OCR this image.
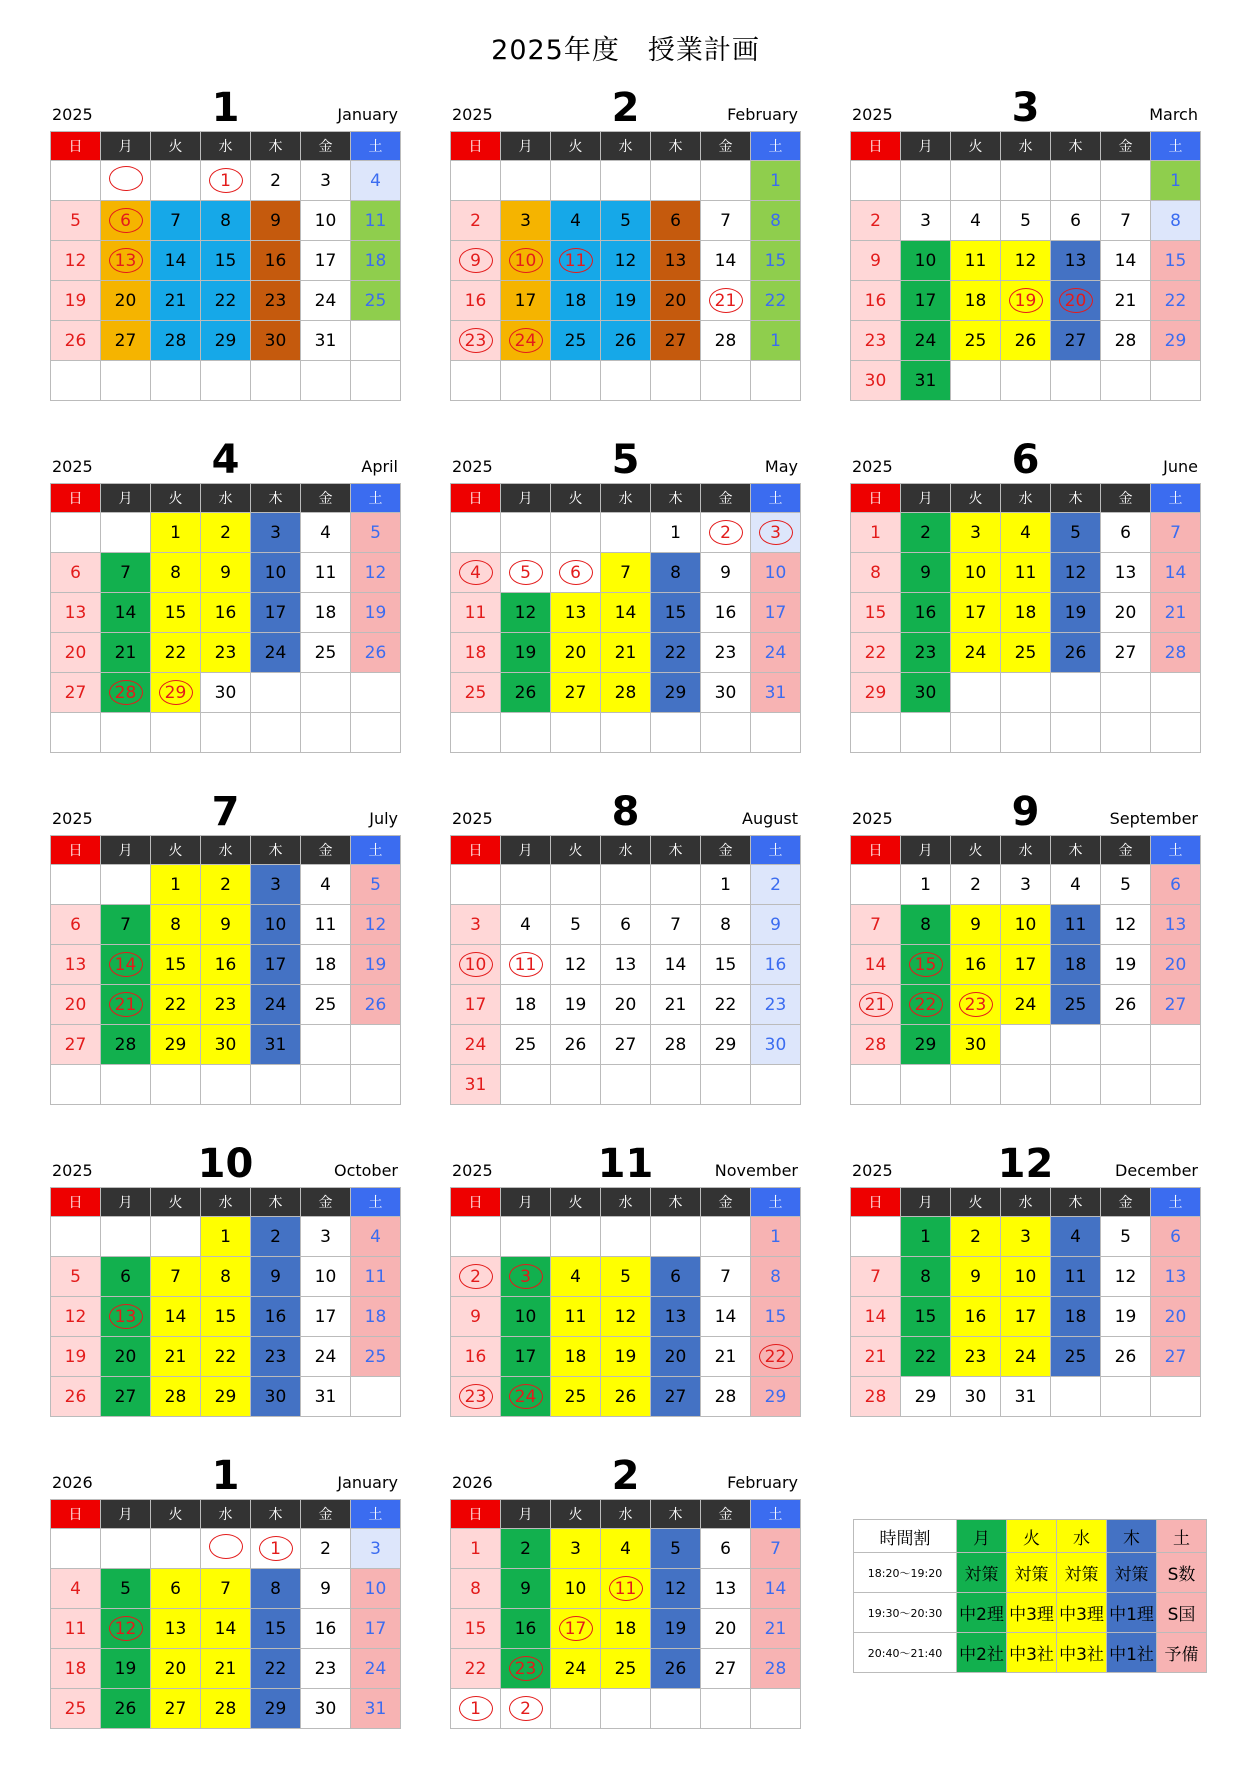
2025年度　授業計画
2025	1	January
日	月	火	水	木	金	土
			1	2	3	4
5	6	7	8	9	10	11
12	13	14	15	16	17	18
19	20	21	22	23	24	25
26	27	28	29	30	31	

2025	2	February
日	月	火	水	木	金	土
						1
2	3	4	5	6	7	8
9	10	11	12	13	14	15
16	17	18	19	20	21	22
23	24	25	26	27	28	1

2025	3	March
日	月	火	水	木	金	土
						1
2	3	4	5	6	7	8
9	10	11	12	13	14	15
16	17	18	19	20	21	22
23	24	25	26	27	28	29
30	31					
2025	4	April
日	月	火	水	木	金	土
		1	2	3	4	5
6	7	8	9	10	11	12
13	14	15	16	17	18	19
20	21	22	23	24	25	26
27	28	29	30			

2025	5	May
日	月	火	水	木	金	土
				1	2	3
4	5	6	7	8	9	10
11	12	13	14	15	16	17
18	19	20	21	22	23	24
25	26	27	28	29	30	31

2025	6	June
日	月	火	水	木	金	土
1	2	3	4	5	6	7
8	9	10	11	12	13	14
15	16	17	18	19	20	21
22	23	24	25	26	27	28
29	30					

2025	7	July
日	月	火	水	木	金	土
		1	2	3	4	5
6	7	8	9	10	11	12
13	14	15	16	17	18	19
20	21	22	23	24	25	26
27	28	29	30	31		

2025	8	August
日	月	火	水	木	金	土
					1	2
3	4	5	6	7	8	9
10	11	12	13	14	15	16
17	18	19	20	21	22	23
24	25	26	27	28	29	30
31						
2025	9	September
日	月	火	水	木	金	土
	1	2	3	4	5	6
7	8	9	10	11	12	13
14	15	16	17	18	19	20
21	22	23	24	25	26	27
28	29	30				

2025	10	October
日	月	火	水	木	金	土
			1	2	3	4
5	6	7	8	9	10	11
12	13	14	15	16	17	18
19	20	21	22	23	24	25
26	27	28	29	30	31	
2025	11	November
日	月	火	水	木	金	土
						1
2	3	4	5	6	7	8
9	10	11	12	13	14	15
16	17	18	19	20	21	22
23	24	25	26	27	28	29
2025	12	December
日	月	火	水	木	金	土
	1	2	3	4	5	6
7	8	9	10	11	12	13
14	15	16	17	18	19	20
21	22	23	24	25	26	27
28	29	30	31			
2026	1	January
日	月	火	水	木	金	土
				1	2	3
4	5	6	7	8	9	10
11	12	13	14	15	16	17
18	19	20	21	22	23	24
25	26	27	28	29	30	31
2026	2	February
日	月	火	水	木	金	土
1	2	3	4	5	6	7
8	9	10	11	12	13	14
15	16	17	18	19	20	21
22	23	24	25	26	27	28
1	2					
時間割	月	火	水	木	土
18:20～19:20	対策	対策	対策	対策	S数
19:30～20:30	中2理	中3理	中3理	中1理	S国
20:40～21:40	中2社	中3社	中3社	中1社	予備
